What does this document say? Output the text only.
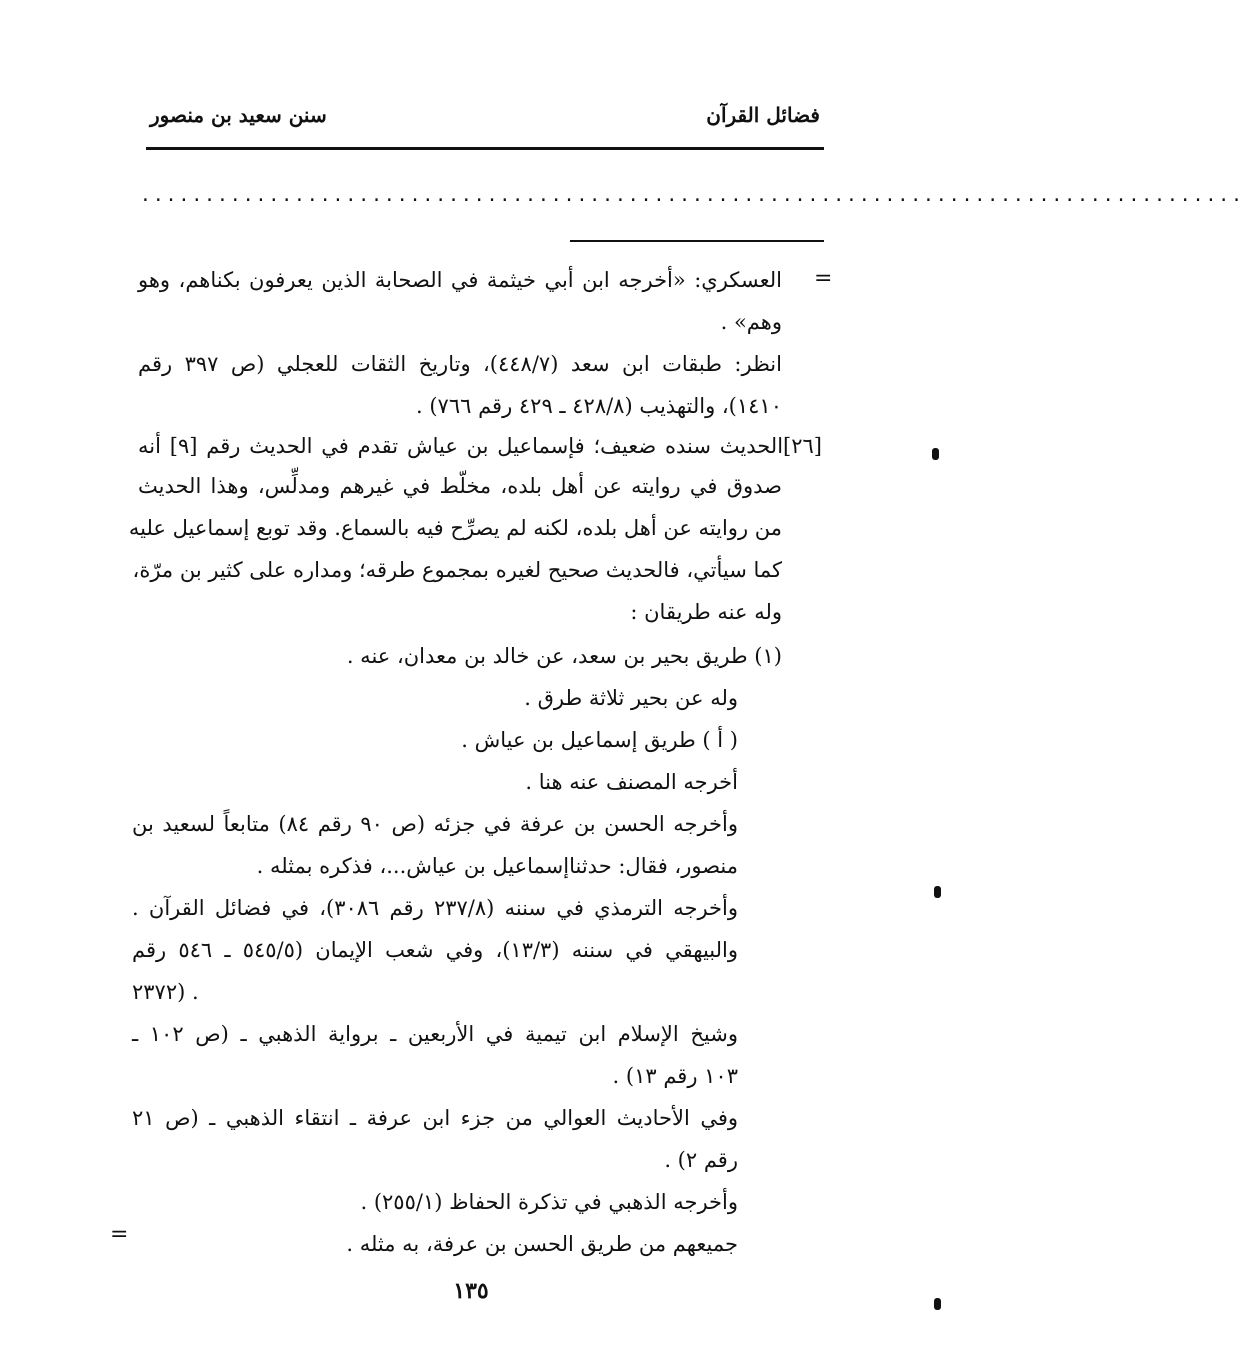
فضائل القرآن
سنن سعيد بن منصور
......................................................................................
=
العسكري: «أخرجه ابن أبي خيثمة في الصحابة الذين يعرفون بكناهم، وهو
وهم» .
انظر: طبقات ابن سعد (٤٤٨/٧)، وتاريخ الثقات للعجلي (ص ٣٩٧ رقم
١٤١٠)، والتهذيب (٤٢٨/٨ ـ ٤٢٩ رقم ٧٦٦) .
[٢٦]الحديث سنده ضعيف؛ فإسماعيل بن عياش تقدم في الحديث رقم [٩] أنه
صدوق في روايته عن أهل بلده، مخلّط في غيرهم ومدلِّس، وهذا الحديث
من روايته عن أهل بلده، لكنه لم يصرِّح فيه بالسماع. وقد توبع إسماعيل عليه
كما سيأتي، فالحديث صحيح لغيره بمجموع طرقه؛ ومداره على كثير بن مرّة،
وله عنه طريقان :
(١) طريق بحير بن سعد، عن خالد بن معدان، عنه .
وله عن بحير ثلاثة طرق .
( أ ) طريق إسماعيل بن عياش .
أخرجه المصنف عنه هنا .
وأخرجه الحسن بن عرفة في جزئه (ص ٩٠ رقم ٨٤) متابعاً لسعيد بن
منصور، فقال: حدثناإسماعيل بن عياش...، فذكره بمثله .
وأخرجه الترمذي في سننه (٢٣٧/٨ رقم ٣٠٨٦)، في فضائل القرآن .
والبيهقي في سننه (١٣/٣)، وفي شعب الإيمان (٥٤٥/٥ ـ ٥٤٦ رقم
٢٣٧٢) .
وشيخ الإسلام ابن تيمية في الأربعين ـ برواية الذهبي ـ (ص ١٠٢ ـ
١٠٣ رقم ١٣) .
وفي الأحاديث العوالي من جزء ابن عرفة ـ انتقاء الذهبي ـ (ص ٢١
رقم ٢) .
وأخرجه الذهبي في تذكرة الحفاظ (٢٥٥/١) .
جميعهم من طريق الحسن بن عرفة، به مثله .
=
١٣٥
